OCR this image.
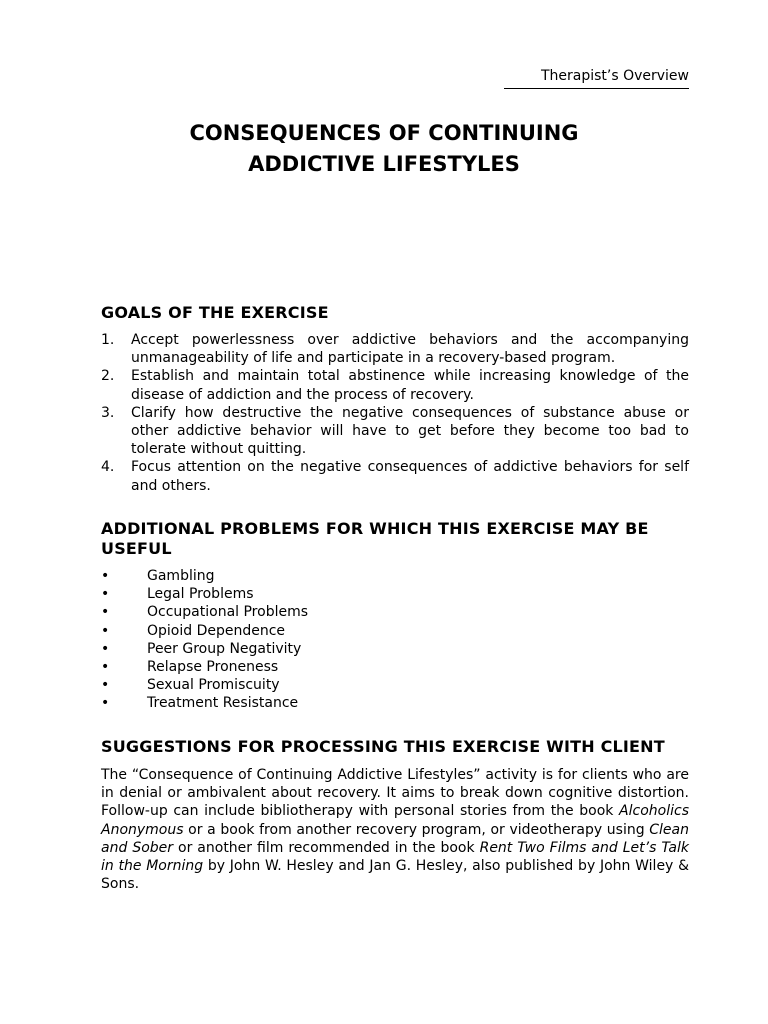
Therapist’s Overview
CONSEQUENCES OF CONTINUING
ADDICTIVE LIFESTYLES
GOALS OF THE EXERCISE
1. Accept powerlessness over addictive behaviors and the accompanying unmanageability of life and participate in a recovery-based program.
2. Establish and maintain total abstinence while increasing knowledge of the disease of addiction and the process of recovery.
3. Clarify how destructive the negative consequences of substance abuse or other addictive behavior will have to get before they become too bad to tolerate without quitting.
4. Focus attention on the negative consequences of addictive behaviors for self and others.
ADDITIONAL PROBLEMS FOR WHICH THIS EXERCISE MAY BE USEFUL
•	Gambling
•	Legal Problems
•	Occupational Problems
•	Opioid Dependence
•	Peer Group Negativity
•	Relapse Proneness
•	Sexual Promiscuity
•	Treatment Resistance
SUGGESTIONS FOR PROCESSING THIS EXERCISE WITH CLIENT

The “Consequence of Continuing Addictive Lifestyles” activity is for clients who are in denial or ambivalent about recovery. It aims to break down cognitive distortion. Follow-up can include bibliotherapy with personal stories from the book Alcoholics Anonymous or a book from another recovery program, or videotherapy using Clean and Sober or another film recommended in the book Rent Two Films and Let’s Talk in the Morning by John W. Hesley and Jan G. Hesley, also published by John Wiley & Sons.
